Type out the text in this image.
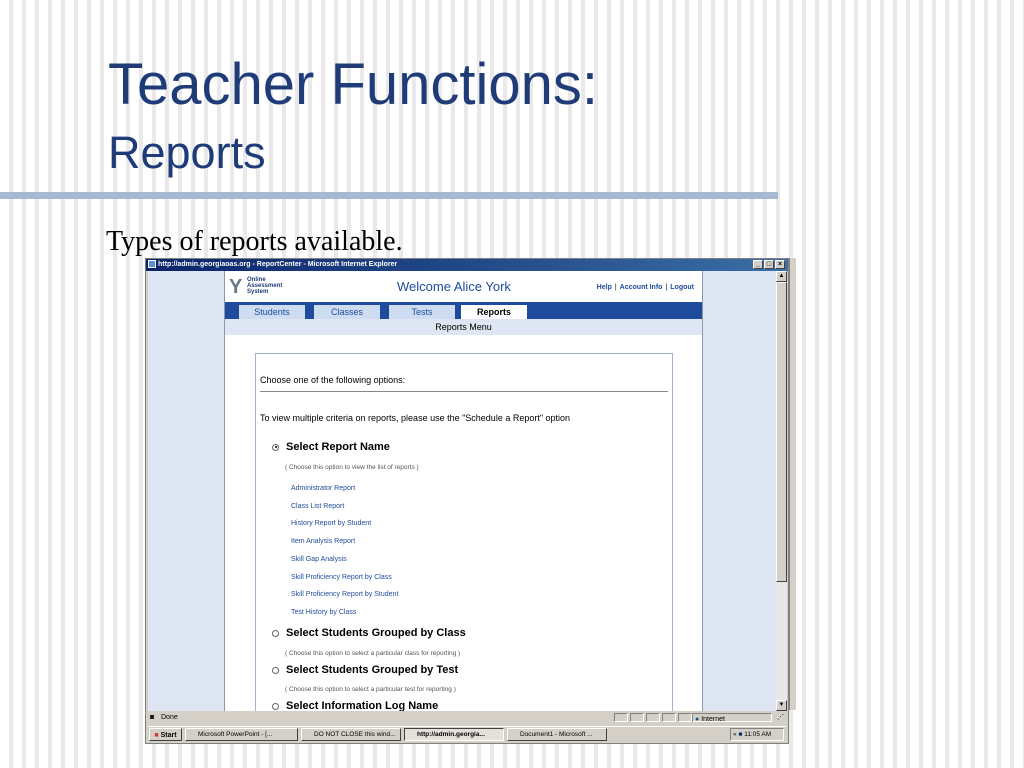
Teacher Functions:
Reports
Types of reports available.
http://admin.georgiaoas.org - ReportCenter - Microsoft Internet Explorer	_ □ ×
Y Online
Assessment
System	Welcome Alice York	Help | Account Info | Logout
Students	Classes	Tests	Reports
Reports Menu
Choose one of the following options:
To view multiple criteria on reports, please use the "Schedule a Report" option
Select Report Name
( Choose this option to view the list of reports )
Administrator Report
Class List Report
History Report by Student
Item Analysis Report
Skill Gap Analysis
Skill Proficiency Report by Class
Skill Proficiency Report by Student
Test History by Class
Select Students Grouped by Class
( Choose this option to select a particular class for reporting )
Select Students Grouped by Test
( Choose this option to select a particular test for reporting )
Select Information Log Name
▲
▼
◙ Done	● Internet	⋰
■ Start	Microsoft PowerPoint - [...	DO NOT CLOSE this wind...	http://admin.georgia...	Document1 - Microsoft ...	« ■ 11:05 AM
